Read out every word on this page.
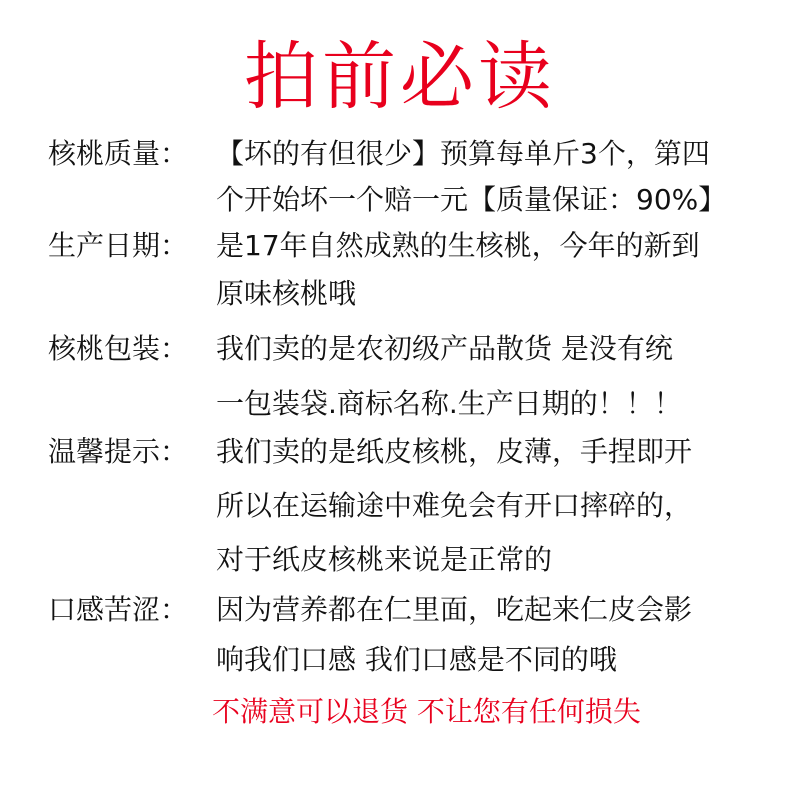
拍前必读
核桃质量： 【坏的有但很少】预算每单斤3个，第四
个开始坏一个赔一元【质量保证：90%】
生产日期： 是17年自然成熟的生核桃，今年的新到
原味核桃哦
核桃包装： 我们卖的是农初级产品散货 是没有统
一包装袋.商标名称.生产日期的！！！
温馨提示： 我们卖的是纸皮核桃，皮薄，手捏即开
所以在运输途中难免会有开口摔碎的，
对于纸皮核桃来说是正常的
口感苦涩： 因为营养都在仁里面，吃起来仁皮会影
响我们口感 我们口感是不同的哦
不满意可以退货 不让您有任何损失
